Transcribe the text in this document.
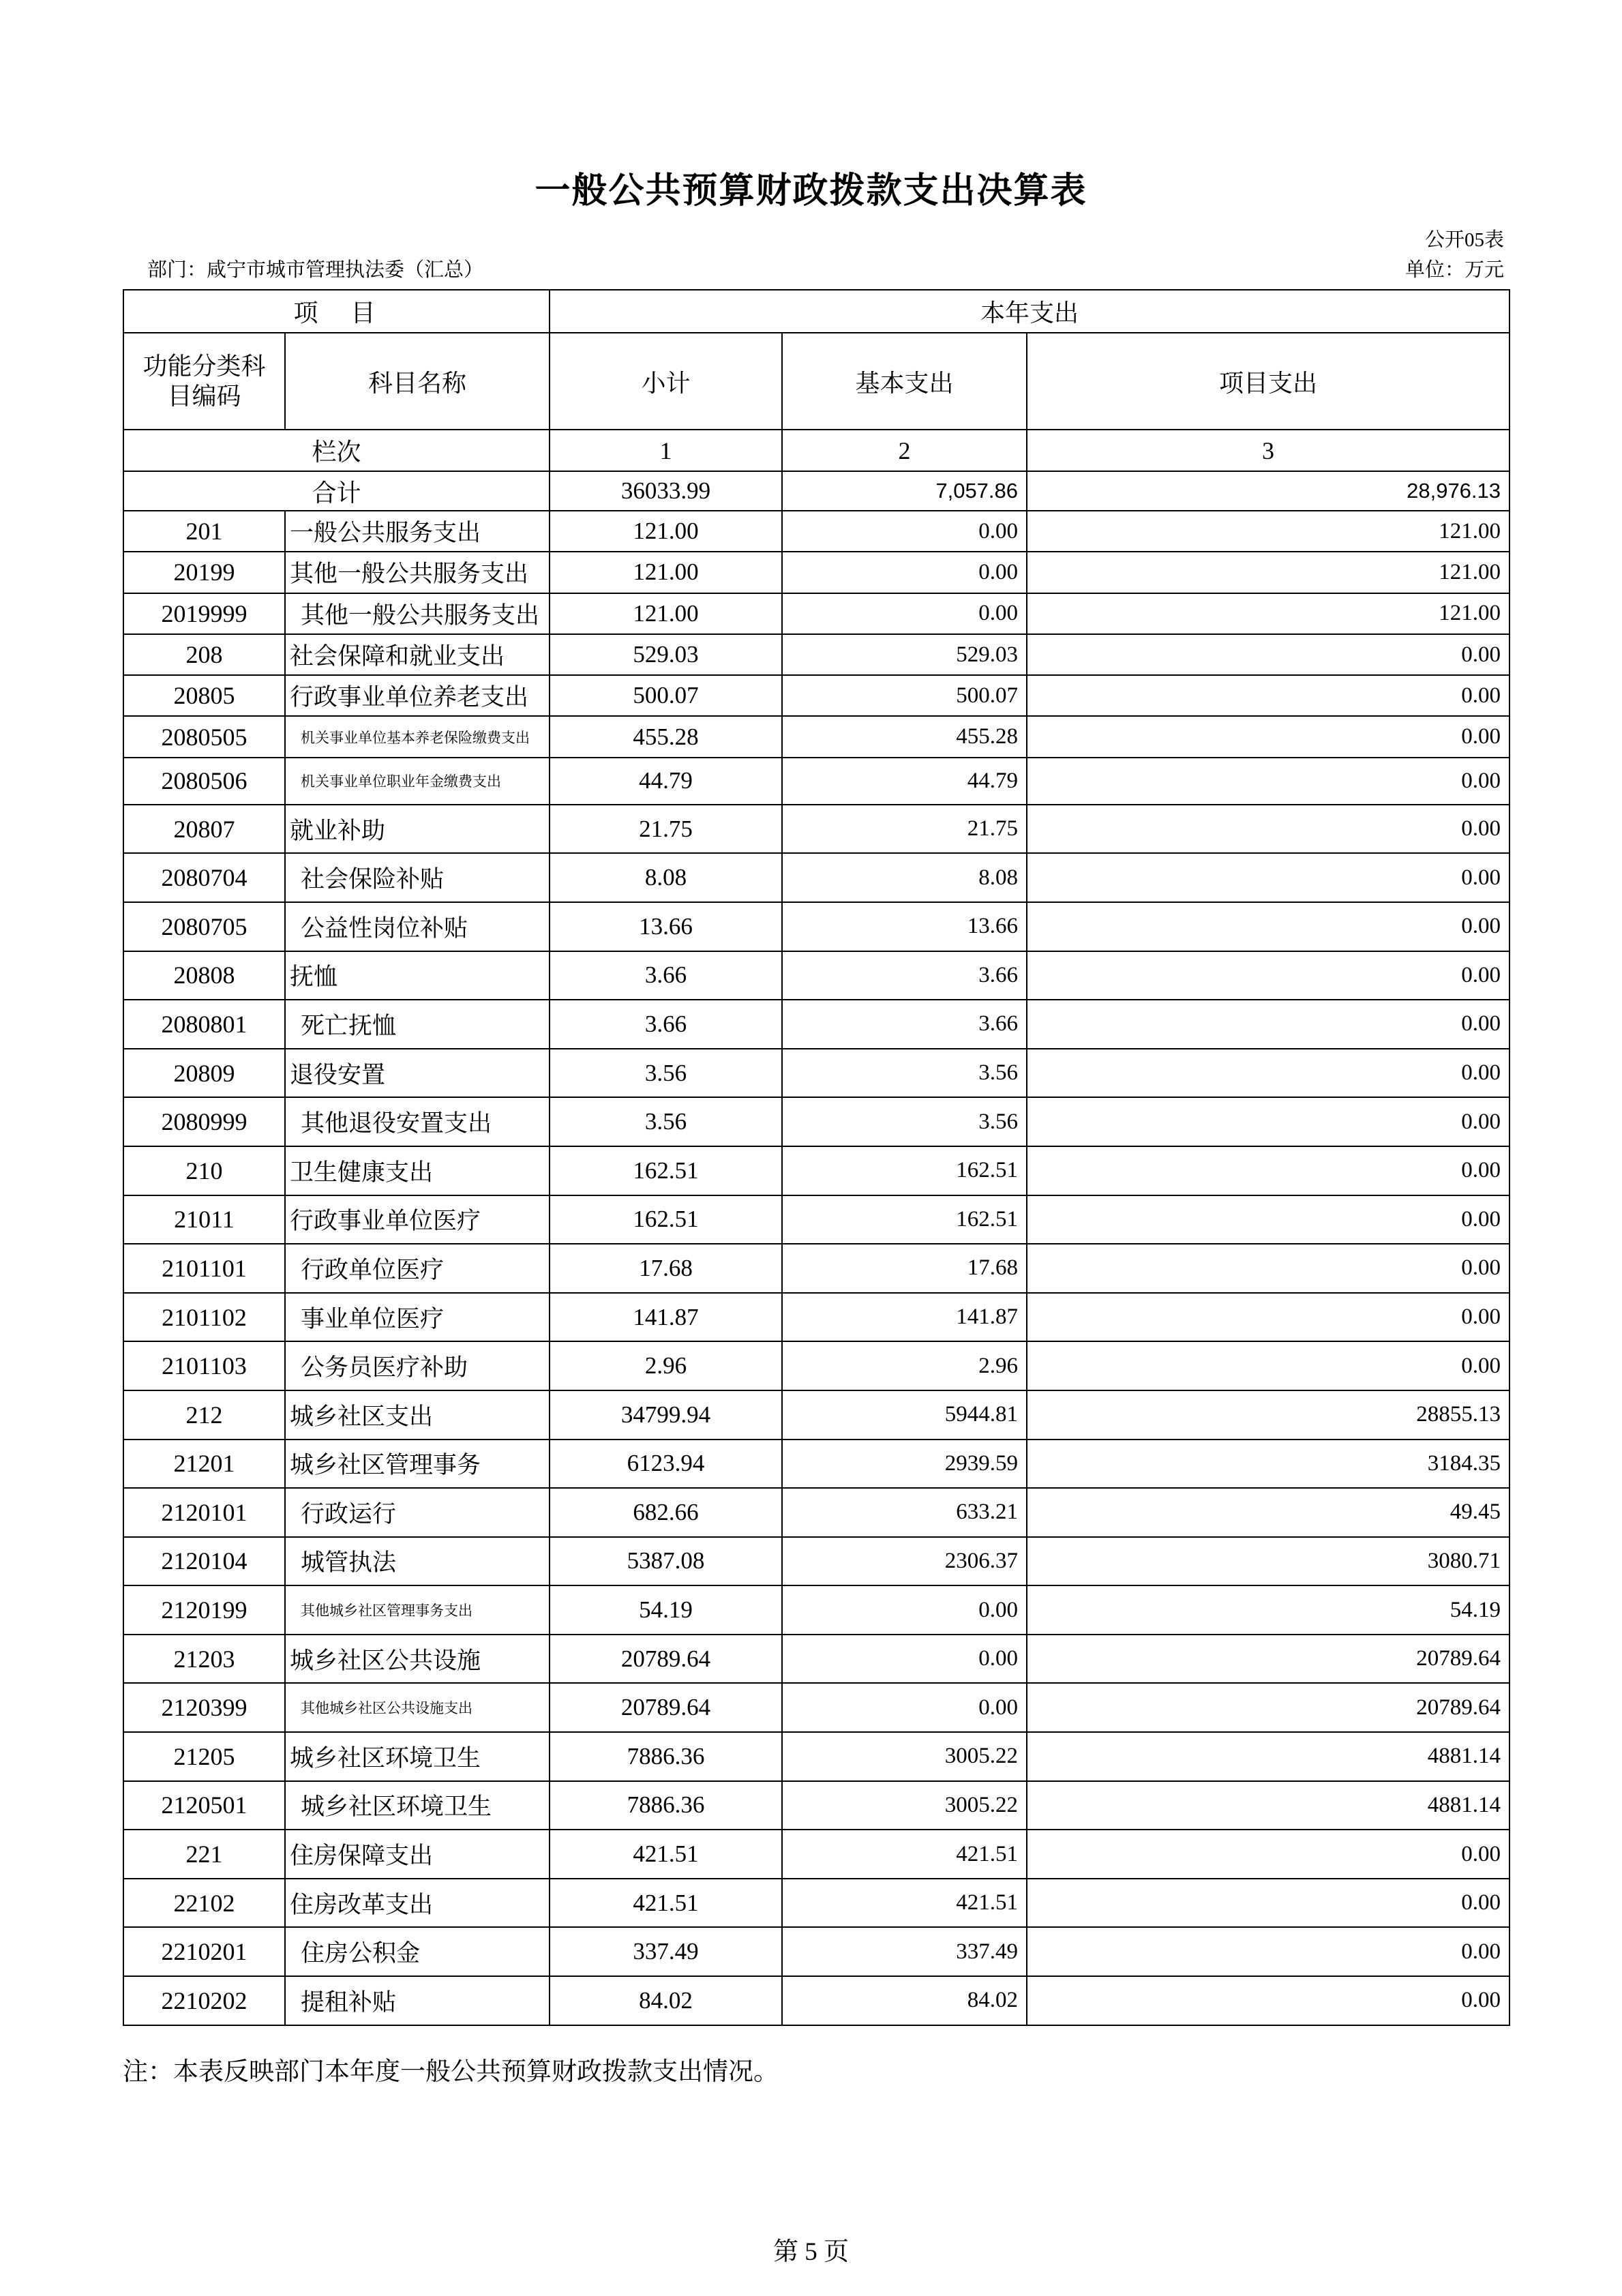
一般公共预算财政拨款支出决算表
公开05表
部门：咸宁市城市管理执法委（汇总）	单位：万元
项　目		本年支出		
功能分类科目编码	科目名称	小计	基本支出	项目支出
栏次		1	2	3
合计		36033.99	7,057.86	28,976.13
201	一般公共服务支出	121.00	0.00	121.00
20199	其他一般公共服务支出	121.00	0.00	121.00
2019999	其他一般公共服务支出	121.00	0.00	121.00
208	社会保障和就业支出	529.03	529.03	0.00
20805	行政事业单位养老支出	500.07	500.07	0.00
2080505	机关事业单位基本养老保险缴费支出	455.28	455.28	0.00
2080506	机关事业单位职业年金缴费支出	44.79	44.79	0.00
20807	就业补助	21.75	21.75	0.00
2080704	社会保险补贴	8.08	8.08	0.00
2080705	公益性岗位补贴	13.66	13.66	0.00
20808	抚恤	3.66	3.66	0.00
2080801	死亡抚恤	3.66	3.66	0.00
20809	退役安置	3.56	3.56	0.00
2080999	其他退役安置支出	3.56	3.56	0.00
210	卫生健康支出	162.51	162.51	0.00
21011	行政事业单位医疗	162.51	162.51	0.00
2101101	行政单位医疗	17.68	17.68	0.00
2101102	事业单位医疗	141.87	141.87	0.00
2101103	公务员医疗补助	2.96	2.96	0.00
212	城乡社区支出	34799.94	5944.81	28855.13
21201	城乡社区管理事务	6123.94	2939.59	3184.35
2120101	行政运行	682.66	633.21	49.45
2120104	城管执法	5387.08	2306.37	3080.71
2120199	其他城乡社区管理事务支出	54.19	0.00	54.19
21203	城乡社区公共设施	20789.64	0.00	20789.64
2120399	其他城乡社区公共设施支出	20789.64	0.00	20789.64
21205	城乡社区环境卫生	7886.36	3005.22	4881.14
2120501	城乡社区环境卫生	7886.36	3005.22	4881.14
221	住房保障支出	421.51	421.51	0.00
22102	住房改革支出	421.51	421.51	0.00
2210201	住房公积金	337.49	337.49	0.00
2210202	提租补贴	84.02	84.02	0.00
注：本表反映部门本年度一般公共预算财政拨款支出情况。
第 5 页
